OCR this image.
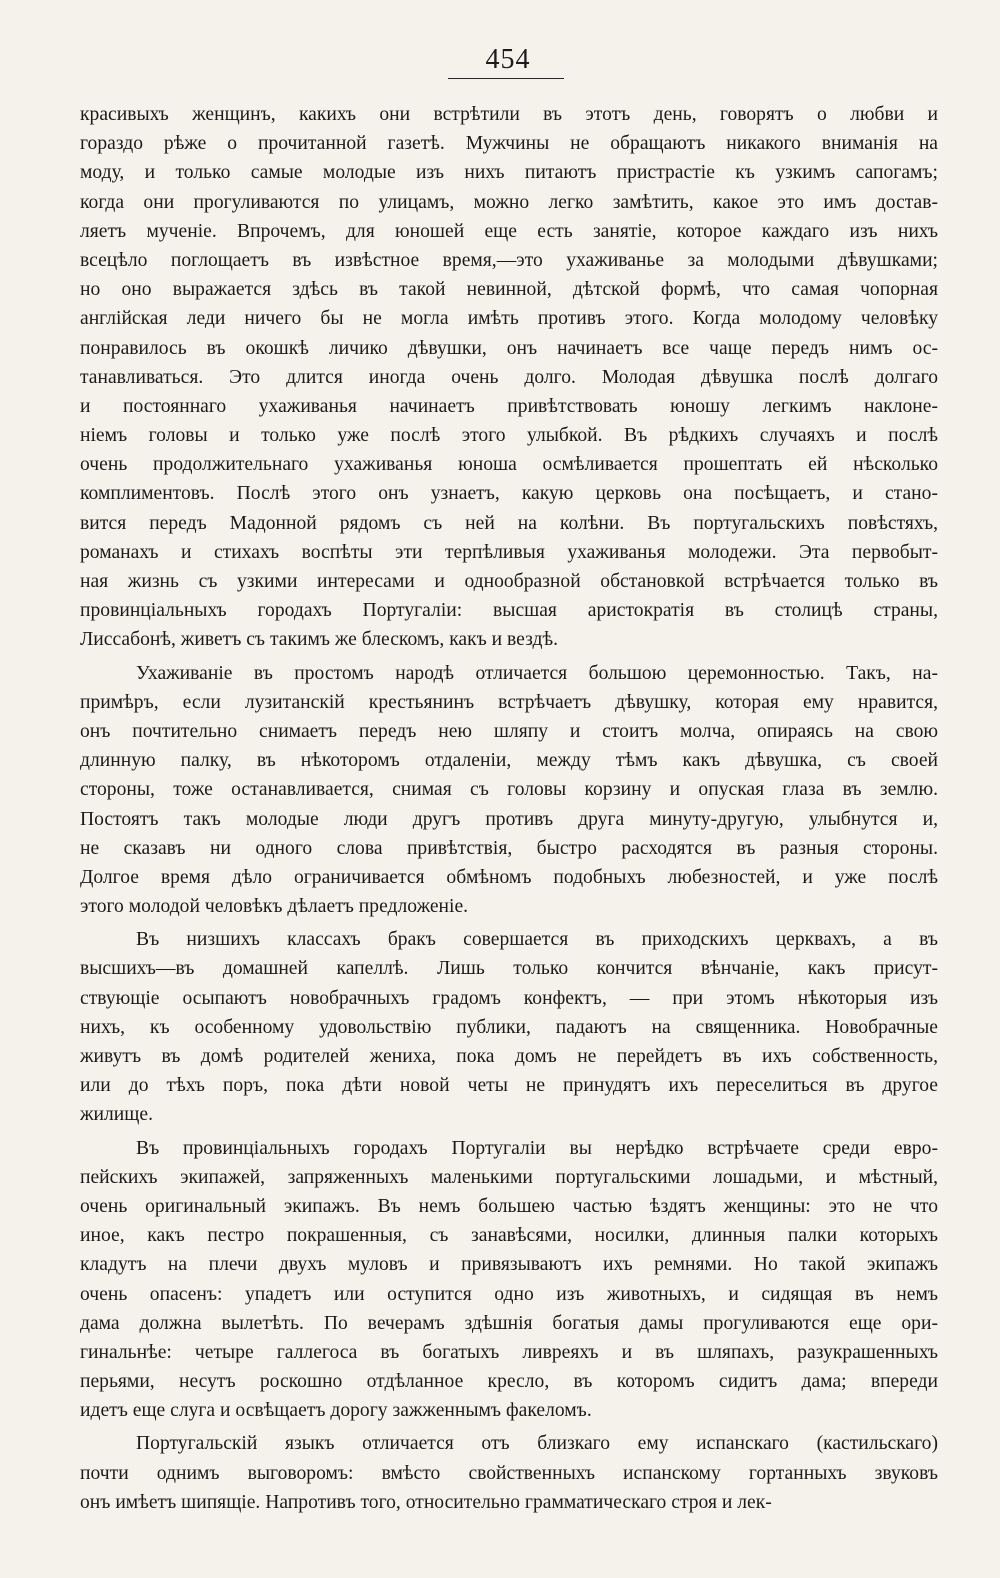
454
красивыхъ женщинъ, какихъ они встрѣтили въ этотъ день, говорятъ о любви и
гораздо рѣже о прочитанной газетѣ. Мужчины не обращаютъ никакого вниманія на
моду, и только самые молодые изъ нихъ питаютъ пристрастіе къ узкимъ сапогамъ;
когда они прогуливаются по улицамъ, можно легко замѣтить, какое это имъ достав-
ляетъ мученіе. Впрочемъ, для юношей еще есть занятіе, которое каждаго изъ нихъ
всецѣло поглощаетъ въ извѣстное время,—это ухаживанье за молодыми дѣвушками;
но оно выражается здѣсь въ такой невинной, дѣтской формѣ, что самая чопорная
англійская леди ничего бы не могла имѣть противъ этого. Когда молодому человѣку
понравилось въ окошкѣ личико дѣвушки, онъ начинаетъ все чаще передъ нимъ ос-
танавливаться. Это длится иногда очень долго. Молодая дѣвушка послѣ долгаго
и постояннаго ухаживанья начинаетъ привѣтствовать юношу легкимъ наклоне-
ніемъ головы и только уже послѣ этого улыбкой. Въ рѣдкихъ случаяхъ и послѣ
очень продолжительнаго ухаживанья юноша осмѣливается прошептать ей нѣсколько
комплиментовъ. Послѣ этого онъ узнаетъ, какую церковь она посѣщаетъ, и стано-
вится передъ Мадонной рядомъ съ ней на колѣни. Въ португальскихъ повѣстяхъ,
романахъ и стихахъ воспѣты эти терпѣливыя ухаживанья молодежи. Эта первобыт-
ная жизнь съ узкими интересами и однообразной обстановкой встрѣчается только въ
провинціальныхъ городахъ Португаліи: высшая аристократія въ столицѣ страны,
Лиссабонѣ, живетъ съ такимъ же блескомъ, какъ и вездѣ.
Ухаживаніе въ простомъ народѣ отличается большою церемонностью. Такъ, на-
примѣръ, если лузитанскій крестьянинъ встрѣчаетъ дѣвушку, которая ему нравится,
онъ почтительно снимаетъ передъ нею шляпу и стоитъ молча, опираясь на свою
длинную палку, въ нѣкоторомъ отдаленіи, между тѣмъ какъ дѣвушка, съ своей
стороны, тоже останавливается, снимая съ головы корзину и опуская глаза въ землю.
Постоятъ такъ молодые люди другъ противъ друга минуту-другую, улыбнутся и,
не сказавъ ни одного слова привѣтствія, быстро расходятся въ разныя стороны.
Долгое время дѣло ограничивается обмѣномъ подобныхъ любезностей, и уже послѣ
этого молодой человѣкъ дѣлаетъ предложеніе.
Въ низшихъ классахъ бракъ совершается въ приходскихъ церквахъ, а въ
высшихъ—въ домашней капеллѣ. Лишь только кончится вѣнчаніе, какъ присут-
ствующіе осыпаютъ новобрачныхъ градомъ конфектъ, — при этомъ нѣкоторыя изъ
нихъ, къ особенному удовольствію публики, падаютъ на священника. Новобрачные
живутъ въ домѣ родителей жениха, пока домъ не перейдетъ въ ихъ собственность,
или до тѣхъ поръ, пока дѣти новой четы не принудятъ ихъ переселиться въ другое
жилище.
Въ провинціальныхъ городахъ Португаліи вы нерѣдко встрѣчаете среди евро-
пейскихъ экипажей, запряженныхъ маленькими португальскими лошадьми, и мѣстный,
очень оригинальный экипажъ. Въ немъ большею частью ѣздятъ женщины: это не что
иное, какъ пестро покрашенныя, съ занавѣсями, носилки, длинныя палки которыхъ
кладутъ на плечи двухъ муловъ и привязываютъ ихъ ремнями. Но такой экипажъ
очень опасенъ: упадетъ или оступится одно изъ животныхъ, и сидящая въ немъ
дама должна вылетѣть. По вечерамъ здѣшнія богатыя дамы прогуливаются еще ори-
гинальнѣе: четыре галлегоса въ богатыхъ ливреяхъ и въ шляпахъ, разукрашенныхъ
перьями, несутъ роскошно отдѣланное кресло, въ которомъ сидитъ дама; впереди
идетъ еще слуга и освѣщаетъ дорогу зажженнымъ факеломъ.
Португальскій языкъ отличается отъ близкаго ему испанскаго (кастильскаго)
почти однимъ выговоромъ: вмѣсто свойственныхъ испанскому гортанныхъ звуковъ
онъ имѣетъ шипящіе. Напротивъ того, относительно грамматическаго строя и лек-
